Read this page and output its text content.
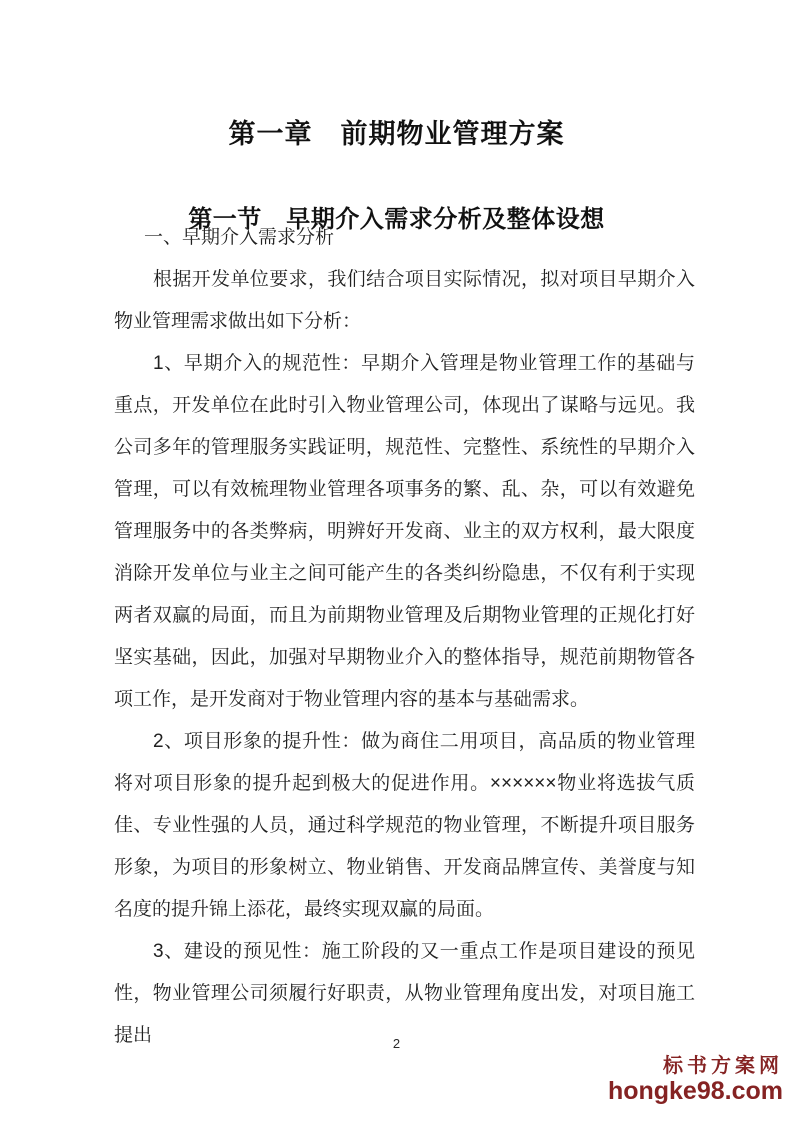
第一章　前期物业管理方案
第一节　早期介入需求分析及整体设想

一、早期介入需求分析

根据开发单位要求，我们结合项目实际情况，拟对项目早期介入物业管理需求做出如下分析：

1、早期介入的规范性：早期介入管理是物业管理工作的基础与重点，开发单位在此时引入物业管理公司，体现出了谋略与远见。我公司多年的管理服务实践证明，规范性、完整性、系统性的早期介入管理，可以有效梳理物业管理各项事务的繁、乱、杂，可以有效避免管理服务中的各类弊病，明辨好开发商、业主的双方权利，最大限度消除开发单位与业主之间可能产生的各类纠纷隐患，不仅有利于实现两者双赢的局面，而且为前期物业管理及后期物业管理的正规化打好坚实基础，因此，加强对早期物业介入的整体指导，规范前期物管各项工作，是开发商对于物业管理内容的基本与基础需求。

2、项目形象的提升性：做为商住二用项目，高品质的物业管理将对项目形象的提升起到极大的促进作用。××××××物业将选拔气质佳、专业性强的人员，通过科学规范的物业管理，不断提升项目服务形象，为项目的形象树立、物业销售、开发商品牌宣传、美誉度与知名度的提升锦上添花，最终实现双赢的局面。

3、建设的预见性：施工阶段的又一重点工作是项目建设的预见性，物业管理公司须履行好职责，从物业管理角度出发，对项目施工提出	2
标书方案网
hongke98.com
